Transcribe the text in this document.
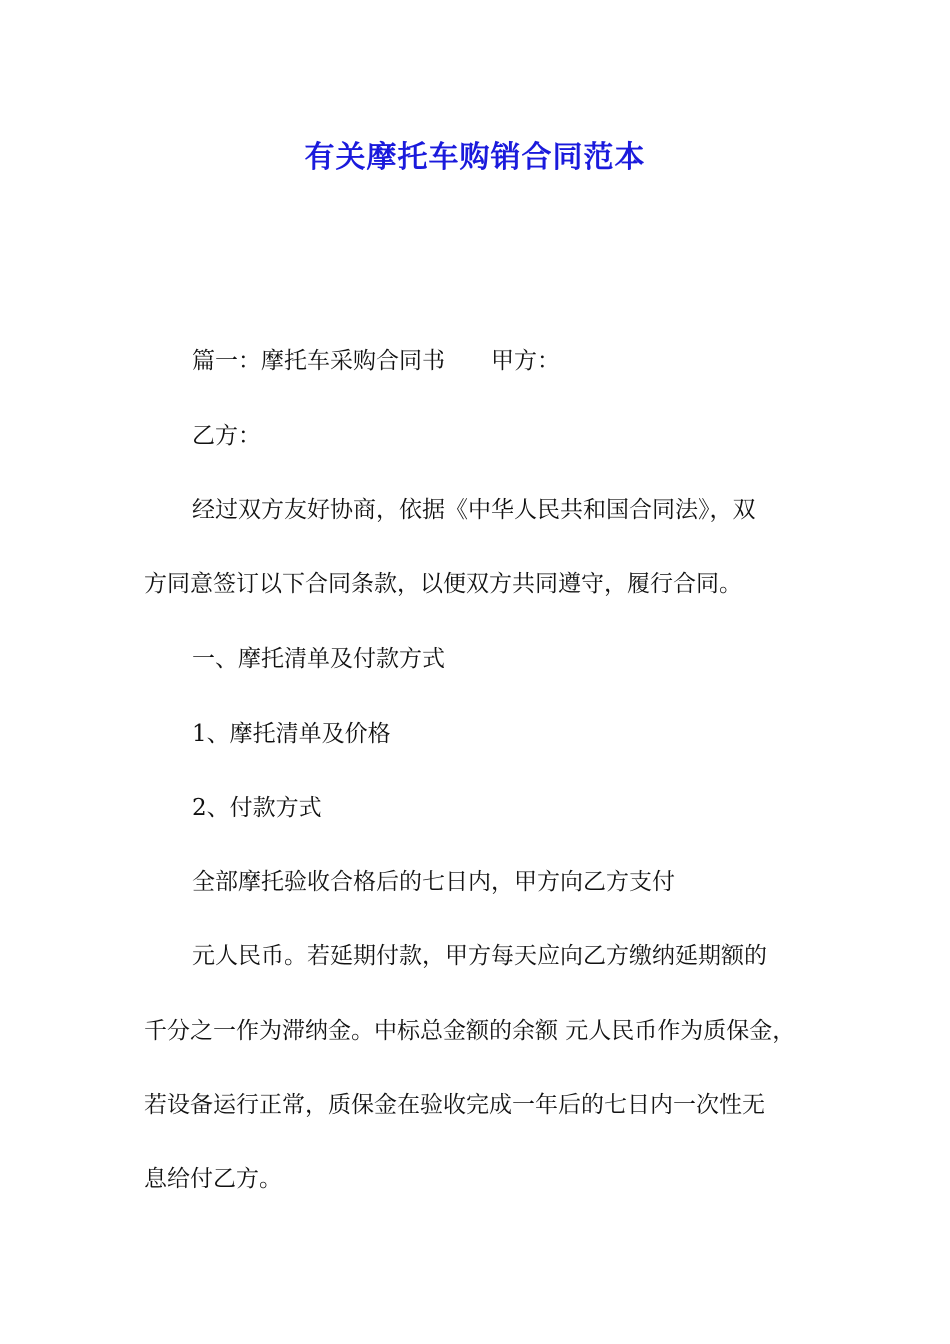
有关摩托车购销合同范本

篇一：摩托车采购合同书 甲方：

乙方：

经过双方友好协商，依据《中华人民共和国合同法》，双

方同意签订以下合同条款，以便双方共同遵守，履行合同。

一、摩托清单及付款方式

1、摩托清单及价格

2、付款方式

全部摩托验收合格后的七日内，甲方向乙方支付

元人民币。若延期付款，甲方每天应向乙方缴纳延期额的

千分之一作为滞纳金。中标总金额的余额 元人民币作为质保金，

若设备运行正常，质保金在验收完成一年后的七日内一次性无

息给付乙方。
